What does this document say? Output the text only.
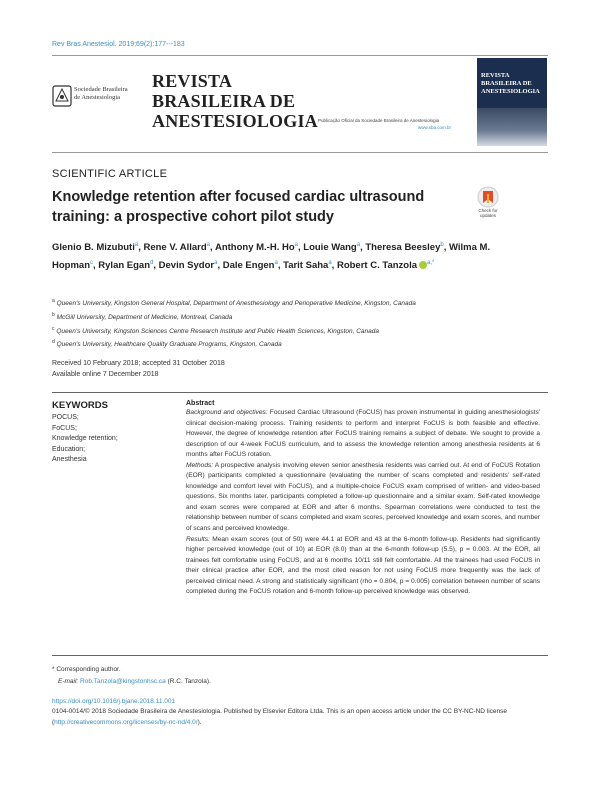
Rev Bras Anestesiol. 2019;69(2):177---183
Sociedade Brasileira
de Anestesiologia
REVISTA
BRASILEIRA DE
ANESTESIOLOGIA Publicação Oficial da Sociedade Brasileira de Anestesiologia
www.sba.com.br
REVISTA
BRASILEIRA DE
ANESTESIOLOGIA
SCIENTIFIC ARTICLE
Knowledge retention after focused cardiac ultrasound training: a prospective cohort pilot study	Check for updates
Glenio B. Mizubuti$^a$, Rene V. Allard$^a$, Anthony M.-H. Ho$^a$, Louie Wang$^a$, Theresa Beesley$^b$, Wilma M. Hopman$^c$, Rylan Egan$^d$, Devin Sydor$^a$, Dale Engen$^a$, Tarit Saha$^a$, Robert C. Tanzola $^{a,*}$
$^a$ Queen's University, Kingston General Hospital, Department of Anesthesiology and Perioperative Medicine, Kingston, Canada
$^b$ McGill University, Department of Medicine, Montreal, Canada
$^c$ Queen's University, Kingston Sciences Centre Research Institute and Public Health Sciences, Kingston, Canada
$^d$ Queen's University, Healthcare Quality Graduate Programs, Kingston, Canada
Received 10 February 2018; accepted 31 October 2018
Available online 7 December 2018
KEYWORDS
POCUS;
FoCUS;
Knowledge retention;
Education;
Anesthesia
Abstract

Background and objectives: Focused Cardiac Ultrasound (FoCUS) has proven instrumental in guiding anesthesiologists' clinical decision-making process. Training residents to perform and interpret FoCUS is both feasible and effective. However, the degree of knowledge retention after FoCUS training remains a subject of debate. We sought to provide a description of our 4-week FoCUS curriculum, and to assess the knowledge retention among anesthesia residents at 6 months after FoCUS rotation.

Methods: A prospective analysis involving eleven senior anesthesia residents was carried out. At end of FoCUS Rotation (EOR) participants completed a questionnaire (evaluating the number of scans completed and residents' self-rated knowledge and comfort level with FoCUS), and a multiple-choice FoCUS exam comprised of written- and video-based questions. Six months later, participants completed a follow-up questionnaire and a similar exam. Self-rated knowledge and exam scores were compared at EOR and after 6 months. Spearman correlations were conducted to test the relationship between number of scans completed and exam scores, perceived knowledge and exam scores, and number of scans and perceived knowledge.

Results: Mean exam scores (out of 50) were 44.1 at EOR and 43 at the 6-month follow-up. Residents had significantly higher perceived knowledge (out of 10) at EOR (8.0) than at the 6-month follow-up (5.5), p = 0.003. At the EOR, all trainees felt comfortable using FoCUS, and at 6 months 10/11 still felt comfortable. All the trainees had used FoCUS in their clinical practice after EOR, and the most cited reason for not using FoCUS more frequently was the lack of perceived clinical need. A strong and statistically significant (rho = 0.804, p = 0.005) correlation between number of scans completed during the FoCUS rotation and 6-month follow-up perceived knowledge was observed.

* Corresponding author.
E-mail: Rob.Tanzola@kingstonhsc.ca (R.C. Tanzola).
https://doi.org/10.1016/j.bjane.2018.11.001
0104-0014/© 2018 Sociedade Brasileira de Anestesiologia. Published by Elsevier Editora Ltda. This is an open access article under the CC BY-NC-ND license (http://creativecommons.org/licenses/by-nc-nd/4.0/).
